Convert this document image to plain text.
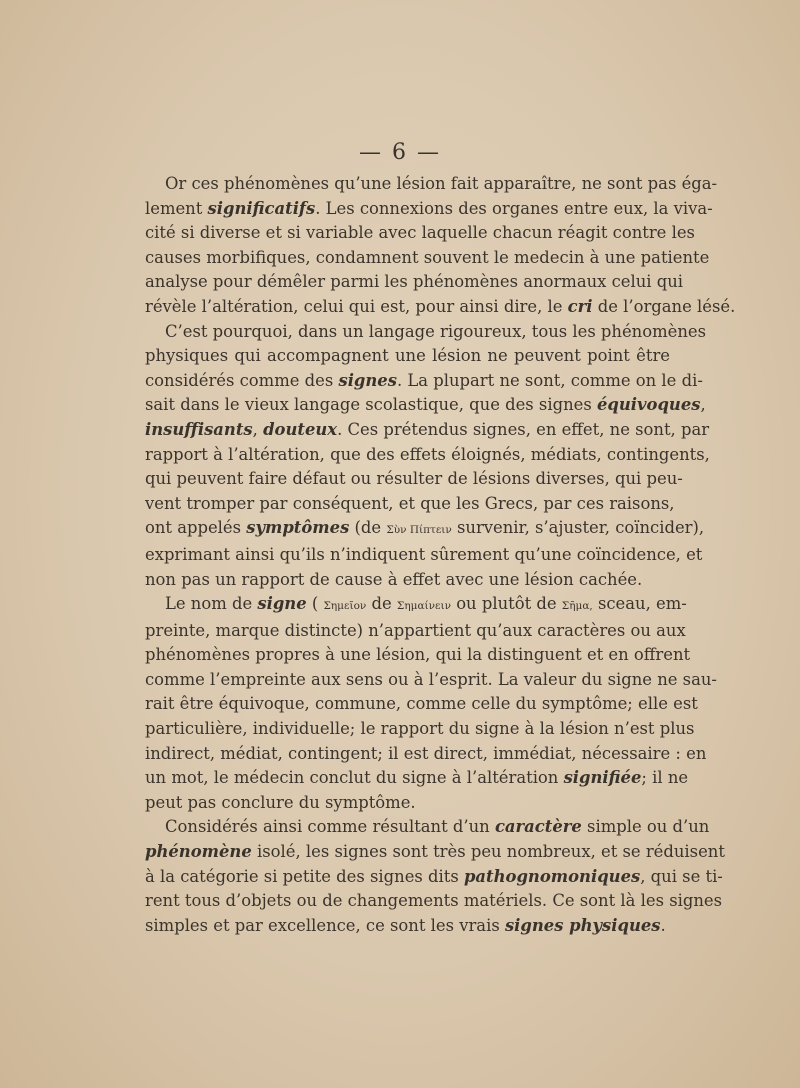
— 6 —

Or ces phénomènes qu’une lésion fait apparaître, ne sont pas éga-
lement significatifs. Les connexions des organes entre eux, la viva-
cité si diverse et si variable avec laquelle chacun réagit contre les
causes morbifiques, condamnent souvent le medecin à une patiente
analyse pour démêler parmi les phénomènes anormaux celui qui
révèle l’altération, celui qui est, pour ainsi dire, le cri de l’organe lésé.

C’est pourquoi, dans un langage rigoureux, tous les phénomènes
physiques qui accompagnent une lésion ne peuvent point être
considérés comme des signes. La plupart ne sont, comme on le di-
sait dans le vieux langage scolastique, que des signes équivoques,
insuffisants, douteux. Ces prétendus signes, en effet, ne sont, par
rapport à l’altération, que des effets éloignés, médiats, contingents,
qui peuvent faire défaut ou résulter de lésions diverses, qui peu-
vent tromper par conséquent, et que les Grecs, par ces raisons,
ont appelés symptômes (de Σὺν Πίπτειν survenir, s’ajuster, coïncider),
exprimant ainsi qu’ils n’indiquent sûrement qu’une coïncidence, et
non pas un rapport de cause à effet avec une lésion cachée.

Le nom de signe ( Σημεῖον de Σημαίνειν ou plutôt de Σῆμα, sceau, em-
preinte, marque distincte) n’appartient qu’aux caractères ou aux
phénomènes propres à une lésion, qui la distinguent et en offrent
comme l’empreinte aux sens ou à l’esprit. La valeur du signe ne sau-
rait être équivoque, commune, comme celle du symptôme; elle est
particulière, individuelle; le rapport du signe à la lésion n’est plus
indirect, médiat, contingent; il est direct, immédiat, nécessaire : en
un mot, le médecin conclut du signe à l’altération signifiée; il ne
peut pas conclure du symptôme.

Considérés ainsi comme résultant d’un caractère simple ou d’un
phénomène isolé, les signes sont très peu nombreux, et se réduisent
à la catégorie si petite des signes dits pathognomoniques, qui se ti-
rent tous d’objets ou de changements matériels. Ce sont là les signes
simples et par excellence, ce sont les vrais signes physiques.
